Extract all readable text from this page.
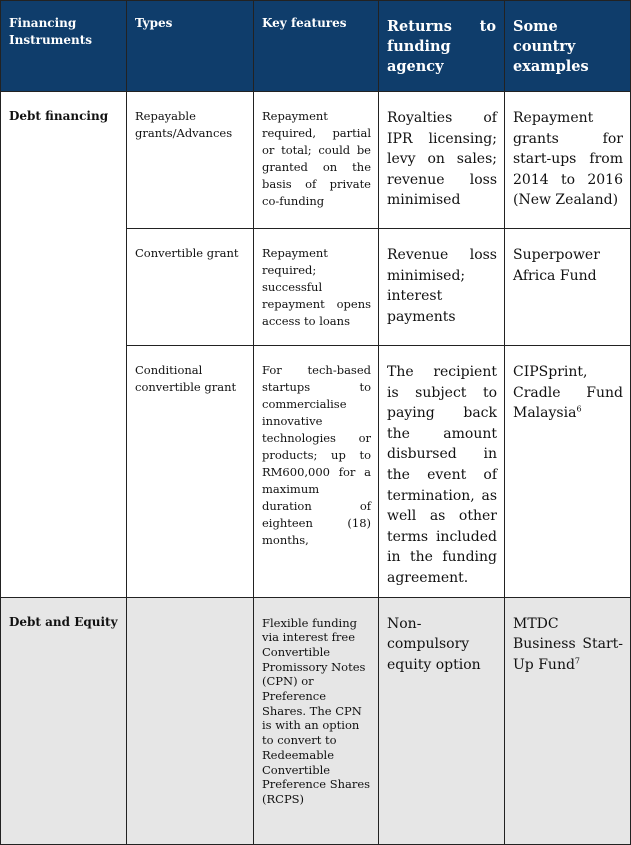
Financing Instruments	Types	Key features	Returns to funding agency	Some country examples
Debt financing	Repayable grants/Advances	Repayment required, partial or total; could be granted on the basis of private co-funding	Royalties of IPR licensing; levy on sales; revenue loss minimised	Repayment grants for start-ups from 2014 to 2016 (New Zealand)
	Convertible grant	Repayment required; successful repayment opens access to loans	Revenue loss minimised; interest payments	Superpower Africa Fund
	Conditional convertible grant	For tech-based startups to commercialise innovative technologies or products; up to RM600,000 for a maximum duration of eighteen (18) months,	The recipient is subject to paying back the amount disbursed in the event of termination, as well as other terms included in the funding agreement.	CIPSprint, Cradle Fund Malaysia$^6$
Debt and Equity		Flexible funding via interest free Convertible Promissory Notes (CPN) or Preference Shares. The CPN is with an option to convert to Redeemable Convertible Preference Shares (RCPS)	Non-compulsory equity option	MTDC Business Start-Up Fund$^7$
